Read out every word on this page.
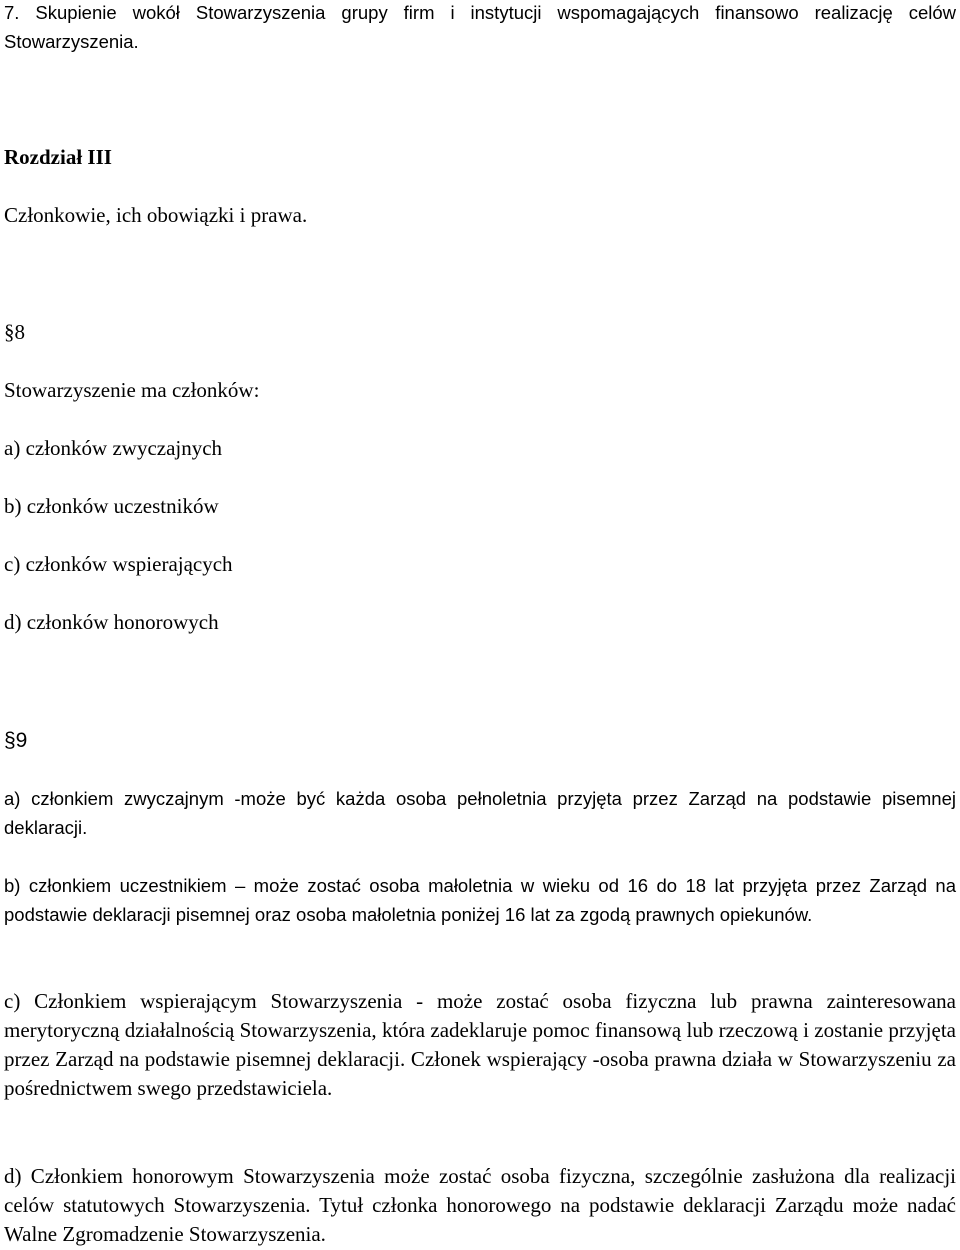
7. Skupienie wokół Stowarzyszenia grupy firm i instytucji wspomagających finansowo realizację celów Stowarzyszenia.

Rozdział III

Członkowie, ich obowiązki i prawa.

§8

Stowarzyszenie ma członków:

a) członków zwyczajnych

b) członków uczestników

c) członków wspierających

d) członków honorowych

§9

a) członkiem zwyczajnym -może być każda osoba pełnoletnia przyjęta przez Zarząd na podstawie pisemnej deklaracji.

b) członkiem uczestnikiem – może zostać osoba małoletnia w wieku od 16 do 18 lat przyjęta przez Zarząd na podstawie deklaracji pisemnej oraz osoba małoletnia poniżej 16 lat za zgodą prawnych opiekunów.

c) Członkiem wspierającym Stowarzyszenia - może zostać osoba fizyczna lub prawna zainteresowana merytoryczną działalnością Stowarzyszenia, która zadeklaruje pomoc finansową lub rzeczową i zostanie przyjęta przez Zarząd na podstawie pisemnej deklaracji. Członek wspierający -osoba prawna działa w Stowarzyszeniu za pośrednictwem swego przedstawiciela.

d) Członkiem honorowym Stowarzyszenia może zostać osoba fizyczna, szczególnie zasłużona dla realizacji celów statutowych Stowarzyszenia. Tytuł członka honorowego na podstawie deklaracji Zarządu może nadać Walne Zgromadzenie Stowarzyszenia.
